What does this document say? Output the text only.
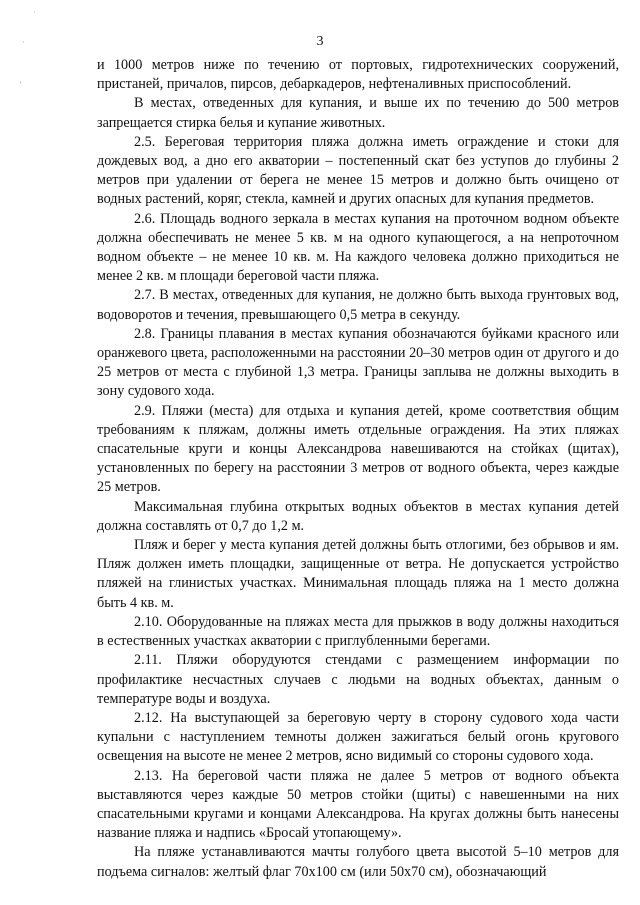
˙
·
'
3

и 1000 метров ниже по течению от портовых, гидротехнических сооружений, пристаней, причалов, пирсов, дебаркадеров, нефтеналивных приспособлений.

В местах, отведенных для купания, и выше их по течению до 500 метров запрещается стирка белья и купание животных.

2.5. Береговая территория пляжа должна иметь ограждение и стоки для дождевых вод, а дно его акватории – постепенный скат без уступов до глубины 2 метров при удалении от берега не менее 15 метров и должно быть очищено от водных растений, коряг, стекла, камней и других опасных для купания предметов.

2.6. Площадь водного зеркала в местах купания на проточном водном объекте должна обеспечивать не менее 5 кв. м на одного купающегося, а на непроточном водном объекте – не менее 10 кв. м. На каждого человека должно приходиться не менее 2 кв. м площади береговой части пляжа.

2.7. В местах, отведенных для купания, не должно быть выхода грунтовых вод, водоворотов и течения, превышающего 0,5 метра в секунду.

2.8. Границы плавания в местах купания обозначаются буйками красного или оранжевого цвета, расположенными на расстоянии 20–30 метров один от другого и до 25 метров от места с глубиной 1,3 метра. Границы заплыва не должны выходить в зону судового хода.

2.9. Пляжи (места) для отдыха и купания детей, кроме соответствия общим требованиям к пляжам, должны иметь отдельные ограждения. На этих пляжах спасательные круги и концы Александрова навешиваются на стойках (щитах), установленных по берегу на расстоянии 3 метров от водного объекта, через каждые 25 метров.

Максимальная глубина открытых водных объектов в местах купания детей должна составлять от 0,7 до 1,2 м.

Пляж и берег у места купания детей должны быть отлогими, без обрывов и ям. Пляж должен иметь площадки, защищенные от ветра. Не допускается устройство пляжей на глинистых участках. Минимальная площадь пляжа на 1 место должна быть 4 кв. м.

2.10. Оборудованные на пляжах места для прыжков в воду должны находиться в естественных участках акватории с приглубленными берегами.

2.11. Пляжи оборудуются стендами с размещением информации по профилактике несчастных случаев с людьми на водных объектах, данным о температуре воды и воздуха.

2.12. На выступающей за береговую черту в сторону судового хода части купальни с наступлением темноты должен зажигаться белый огонь кругового освещения на высоте не менее 2 метров, ясно видимый со стороны судового хода.

2.13. На береговой части пляжа не далее 5 метров от водного объекта выставляются через каждые 50 метров стойки (щиты) с навешенными на них спасательными кругами и концами Александрова. На кругах должны быть нанесены название пляжа и надпись «Бросай утопающему».

На пляже устанавливаются мачты голубого цвета высотой 5–10 метров для подъема сигналов: желтый флаг 70х100 см (или 50х70 см), обозначающий
